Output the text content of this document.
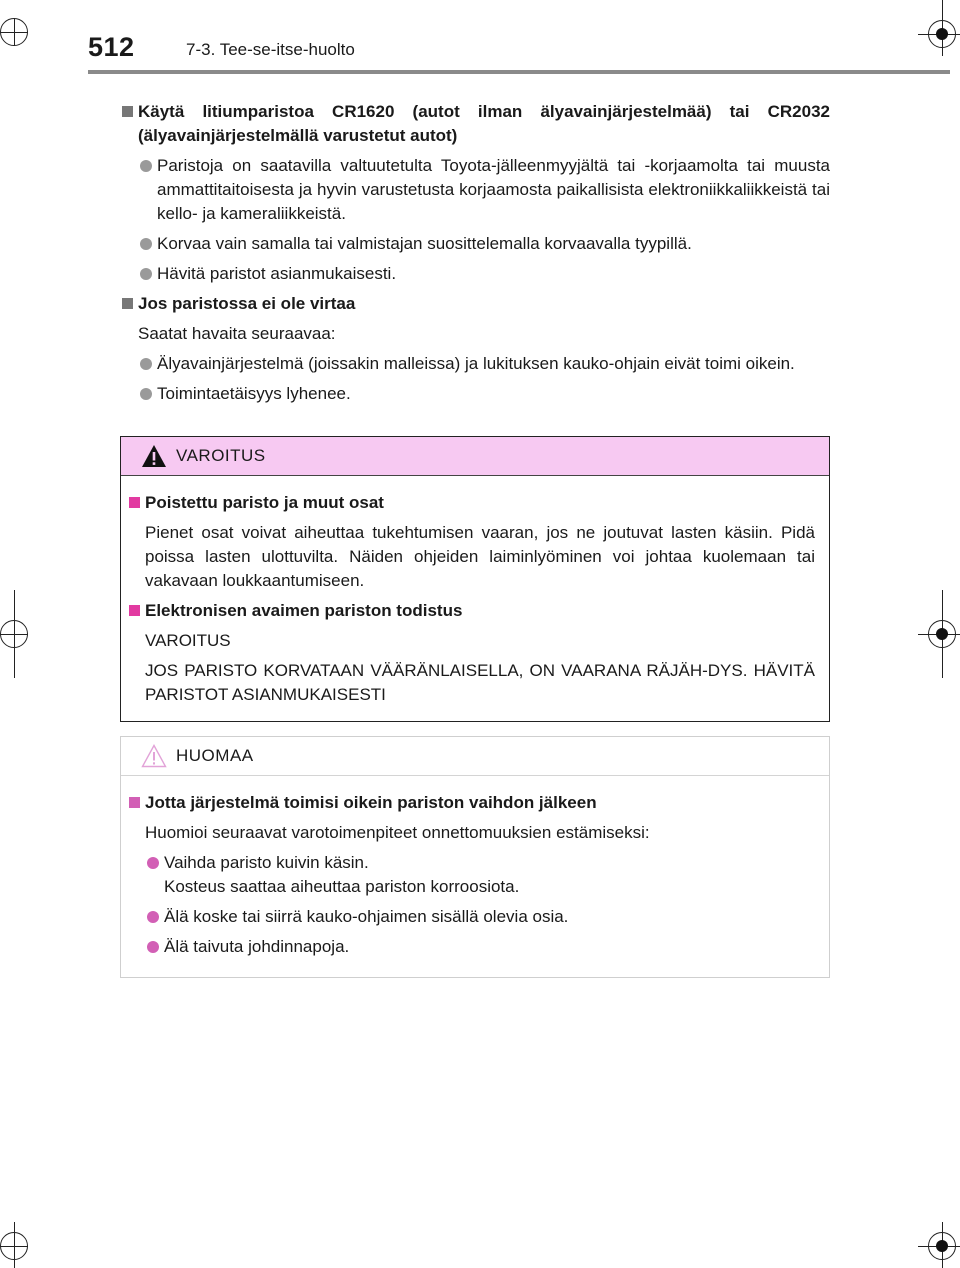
512	7-3. Tee-se-itse-huolto
Käytä litiumparistoa CR1620 (autot ilman älyavainjärjestelmää) tai CR2032 (älyavainjärjestelmällä varustetut autot)
Paristoja on saatavilla valtuutetulta Toyota-jälleenmyyjältä tai -korjaamolta tai muusta ammattitaitoisesta ja hyvin varustetusta korjaamosta paikallisista elektroniikkaliikkeistä tai kello- ja kameraliikkeistä.
Korvaa vain samalla tai valmistajan suosittelemalla korvaavalla tyypillä.
Hävitä paristot asianmukaisesti.
Jos paristossa ei ole virtaa
Saatat havaita seuraavaa:
Älyavainjärjestelmä (joissakin malleissa) ja lukituksen kauko-ohjain eivät toimi oikein.
Toimintaetäisyys lyhenee.
VAROITUS
Poistettu paristo ja muut osat
Pienet osat voivat aiheuttaa tukehtumisen vaaran, jos ne joutuvat lasten käsiin. Pidä poissa lasten ulottuvilta. Näiden ohjeiden laiminlyöminen voi johtaa kuolemaan tai vakavaan loukkaantumiseen.
Elektronisen avaimen pariston todistus
VAROITUS
JOS PARISTO KORVATAAN VÄÄRÄNLAISELLA, ON VAARANA RÄJÄH-DYS. HÄVITÄ PARISTOT ASIANMUKAISESTI
HUOMAA
Jotta järjestelmä toimisi oikein pariston vaihdon jälkeen
Huomioi seuraavat varotoimenpiteet onnettomuuksien estämiseksi:
Vaihda paristo kuivin käsin.
Kosteus saattaa aiheuttaa pariston korroosiota.
Älä koske tai siirrä kauko-ohjaimen sisällä olevia osia.
Älä taivuta johdinnapoja.
